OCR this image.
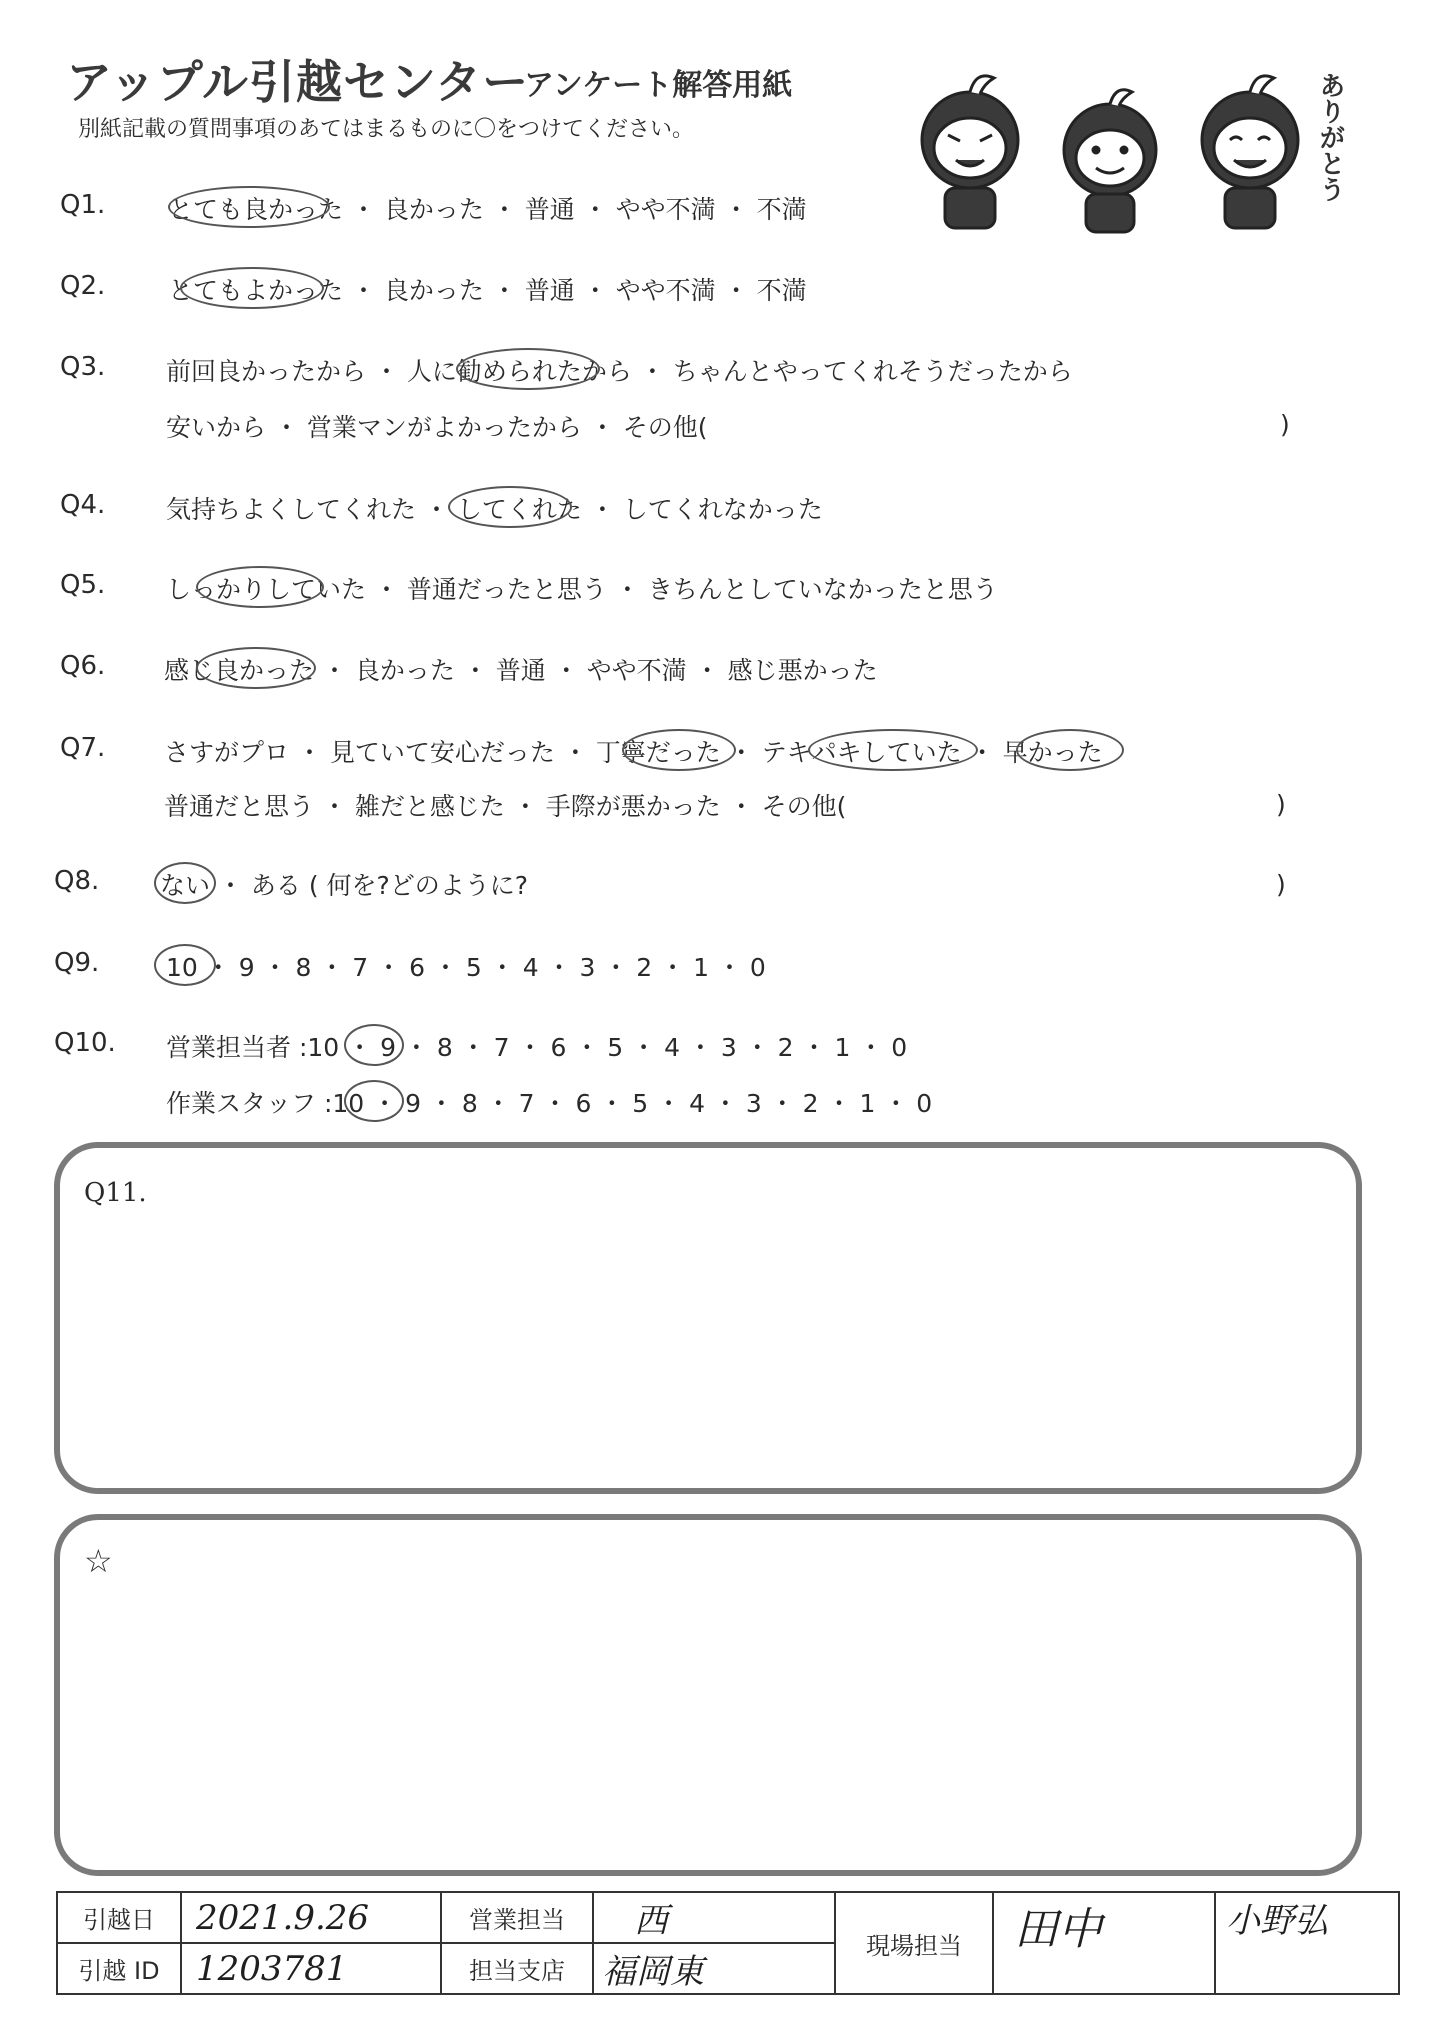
アップル引越センター
アンケート解答用紙
別紙記載の質問事項のあてはまるものに〇をつけてください。	ありがとう
Q1.	とても良かった ・ 良かった ・ 普通 ・ やや不満 ・ 不満
Q2.	とてもよかった ・ 良かった ・ 普通 ・ やや不満 ・ 不満
Q3. 前回良かったから ・ 人に勧められたから ・ ちゃんとやってくれそうだったから
安いから ・ 営業マンがよかったから ・ その他(	)
Q4. 気持ちよくしてくれた ・ してくれた ・ してくれなかった
Q5. しっかりしていた ・ 普通だったと思う ・ きちんとしていなかったと思う
Q6. 感じ良かった ・ 良かった ・ 普通 ・ やや不満 ・ 感じ悪かった
Q7. さすがプロ ・ 見ていて安心だった ・ 丁寧だった ・ テキパキしていた ・ 早かった
普通だと思う ・ 雑だと感じた ・ 手際が悪かった ・ その他(	)
Q8. ない ・ ある ( 何を?どのように?	)
Q9.	10 ・ 9 ・ 8 ・ 7 ・ 6 ・ 5 ・ 4 ・ 3 ・ 2 ・ 1 ・ 0
Q10. 営業担当者 :10 ・ 9 ・ 8 ・ 7 ・ 6 ・ 5 ・ 4 ・ 3 ・ 2 ・ 1 ・ 0
作業スタッフ :10 ・ 9 ・ 8 ・ 7 ・ 6 ・ 5 ・ 4 ・ 3 ・ 2 ・ 1 ・ 0
Q11.
☆
引越日	2021.9.26	営業担当	西	現場担当	田中	小野弘
引越 ID	1203781	担当支店	福岡東			
